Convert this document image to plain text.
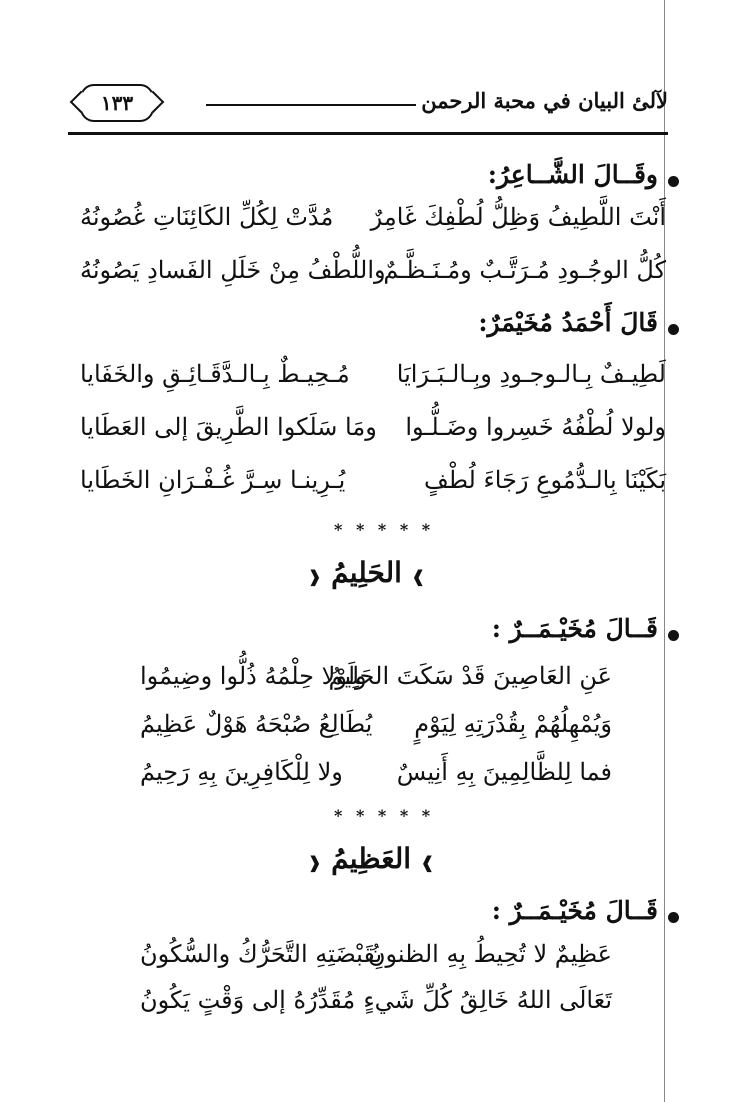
١٣٣	لآلئ البيان في محبة الرحمن
وقَــالَ الشَّــاعِرُ:
أَنْتَ اللَّطِيفُ وَظِلُّ لُطْفِكَ غَامِرٌ
مُدَّتْ لِكُلِّ الكَائِنَاتِ غُصُونُهُ
كُلُّ الوجُـودِ مُـرَتَّـبٌ ومُـنَـظَّـمٌ
واللُّطْفُ مِنْ خَلَلِ الفَسادِ يَصُونُهُ
قَالَ أَحْمَدُ مُخَيْمَرٌ:
لَطِيـفٌ بِـالـوجـودِ وبِـالـبَـرَايَا
مُـحِيـطٌ بِـالـدَّقَـائِـقِ والخَفَايا
ولولا لُطْفُهُ خَسِروا وضَـلُّـوا
ومَا سَلَكوا الطَّرِيقَ إلى العَطَايا
بَكَيْنَا بِالـدُّمُوعِ رَجَاءَ لُطْفٍ
يُـرِينـا سِـرَّ غُـفْـرَانِ الخَطَايا
* * * * *
❱ الحَلِيمُ ❰
قَــالَ مُخَيْـمَــرٌ :
عَنِ العَاصِينَ قَدْ سَكَتَ الحَلِيمُ
ولَوْلا حِلْمُهُ ذُلُّوا وضِيمُوا
وَيُمْهِلُهُمْ بِقُدْرَتِهِ لِيَوْمٍ
يُطَالِعُ صُبْحَهُ هَوْلٌ عَظِيمُ
فما لِلظَّالِمِينَ بِهِ أَنِيسٌ
ولا لِلْكَافِرِينَ بِهِ رَحِيمُ
* * * * *
❱ العَظِيمُ ❰
قَــالَ مُخَيْـمَــرٌ :
عَظِيمٌ لا تُحِيطُ بِهِ الظنونُ
بِقَبْضَتِهِ التَّحَرُّكُ والسُّكُونُ
تَعَالَى اللهُ خَالِقُ كُلِّ شَيءٍ
مُقَدِّرُهُ إلى وَقْتٍ يَكُونُ
